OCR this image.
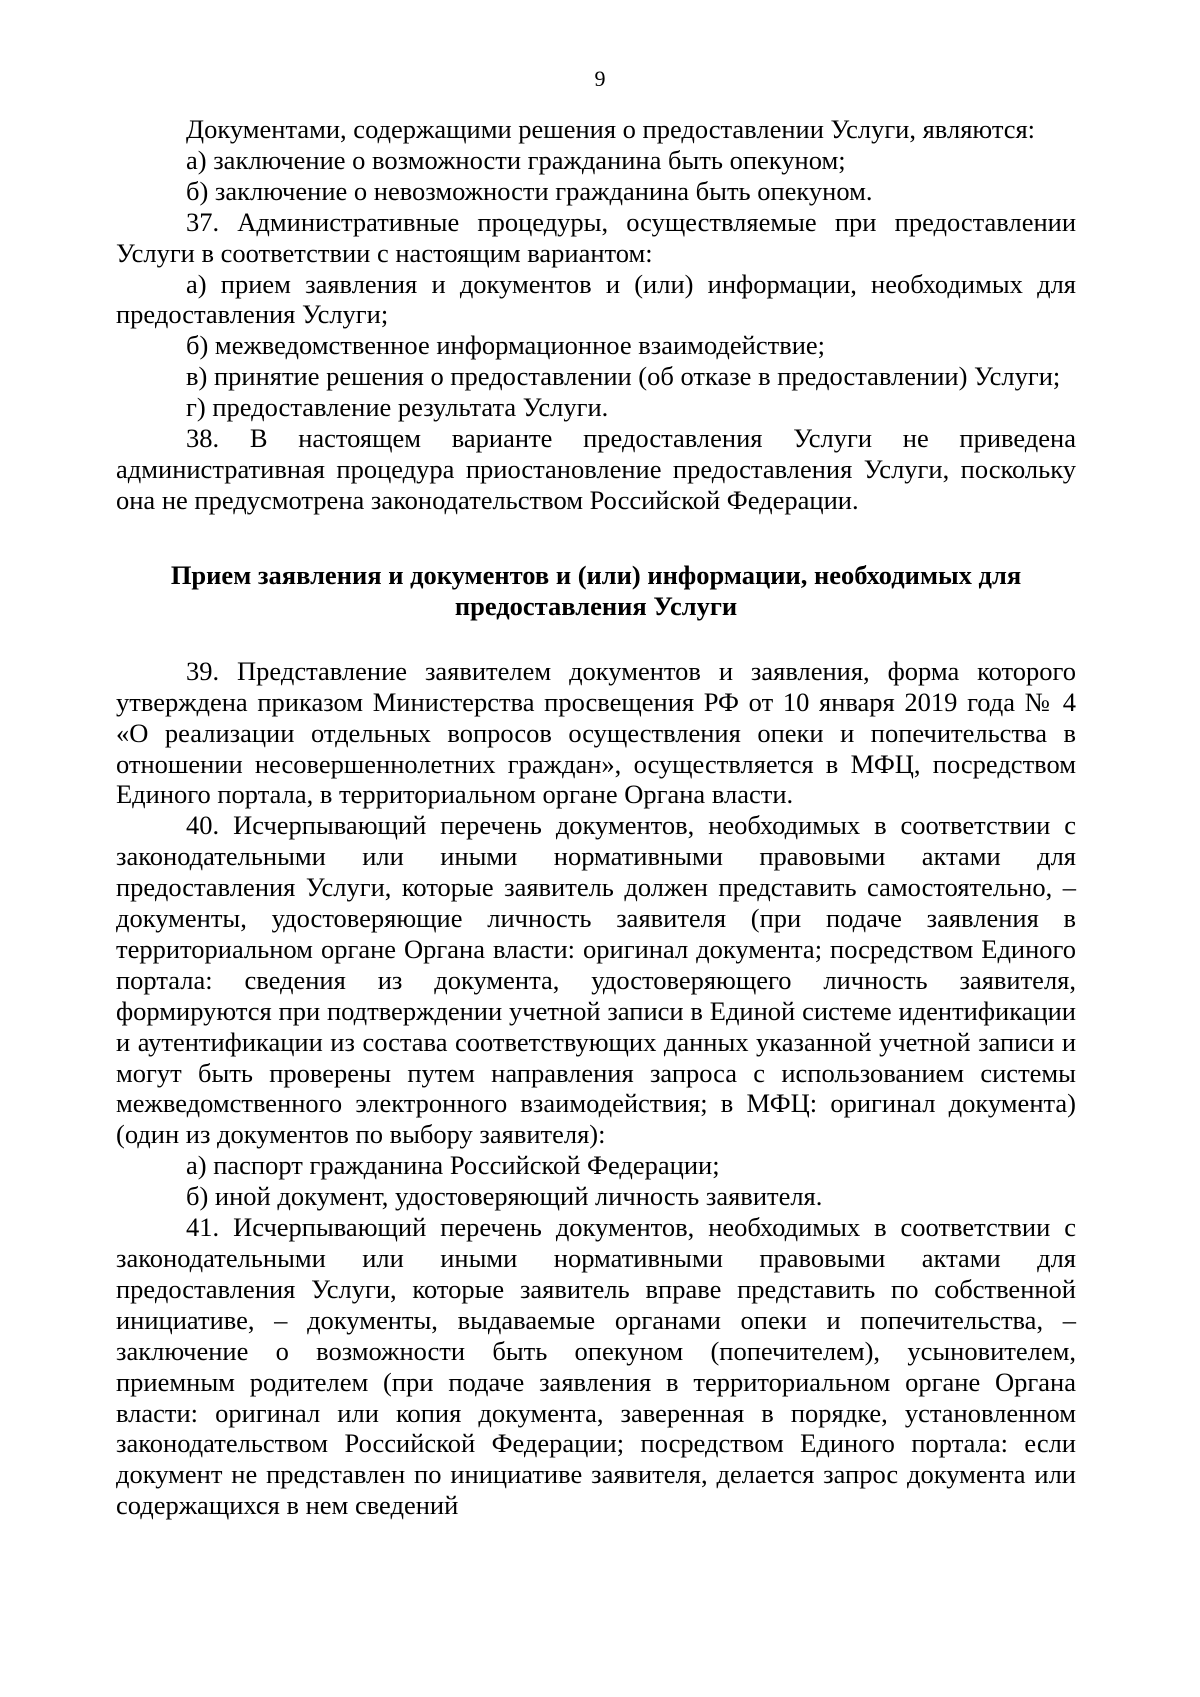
9

Документами, содержащими решения о предоставлении Услуги, являются:

а) заключение о возможности гражданина быть опекуном;

б) заключение о невозможности гражданина быть опекуном.

37. Административные процедуры, осуществляемые при предоставлении Услуги в соответствии с настоящим вариантом:

а) прием заявления и документов и (или) информации, необходимых для предоставления Услуги;

б) межведомственное информационное взаимодействие;

в) принятие решения о предоставлении (об отказе в предоставлении) Услуги;

г) предоставление результата Услуги.

38. В настоящем варианте предоставления Услуги не приведена административная процедура приостановление предоставления Услуги, поскольку она не предусмотрена законодательством Российской Федерации.

Прием заявления и документов и (или) информации, необходимых для предоставления Услуги

39. Представление заявителем документов и заявления, форма которого утверждена приказом Министерства просвещения РФ от 10 января 2019 года № 4 «О реализации отдельных вопросов осуществления опеки и попечительства в отношении несовершеннолетних граждан», осуществляется в МФЦ, посредством Единого портала, в территориальном органе Органа власти.

40. Исчерпывающий перечень документов, необходимых в соответствии с законодательными или иными нормативными правовыми актами для предоставления Услуги, которые заявитель должен представить самостоятельно, – документы, удостоверяющие личность заявителя (при подаче заявления в территориальном органе Органа власти: оригинал документа; посредством Единого портала: сведения из документа, удостоверяющего личность заявителя, формируются при подтверждении учетной записи в Единой системе идентификации и аутентификации из состава соответствующих данных указанной учетной записи и могут быть проверены путем направления запроса с использованием системы межведомственного электронного взаимодействия; в МФЦ: оригинал документа) (один из документов по выбору заявителя):

а) паспорт гражданина Российской Федерации;

б) иной документ, удостоверяющий личность заявителя.

41. Исчерпывающий перечень документов, необходимых в соответствии с законодательными или иными нормативными правовыми актами для предоставления Услуги, которые заявитель вправе представить по собственной инициативе, – документы, выдаваемые органами опеки и попечительства, – заключение о возможности быть опекуном (попечителем), усыновителем, приемным родителем (при подаче заявления в территориальном органе Органа власти: оригинал или копия документа, заверенная в порядке, установленном законодательством Российской Федерации; посредством Единого портала: если документ не представлен по инициативе заявителя, делается запрос документа или содержащихся в нем сведений
